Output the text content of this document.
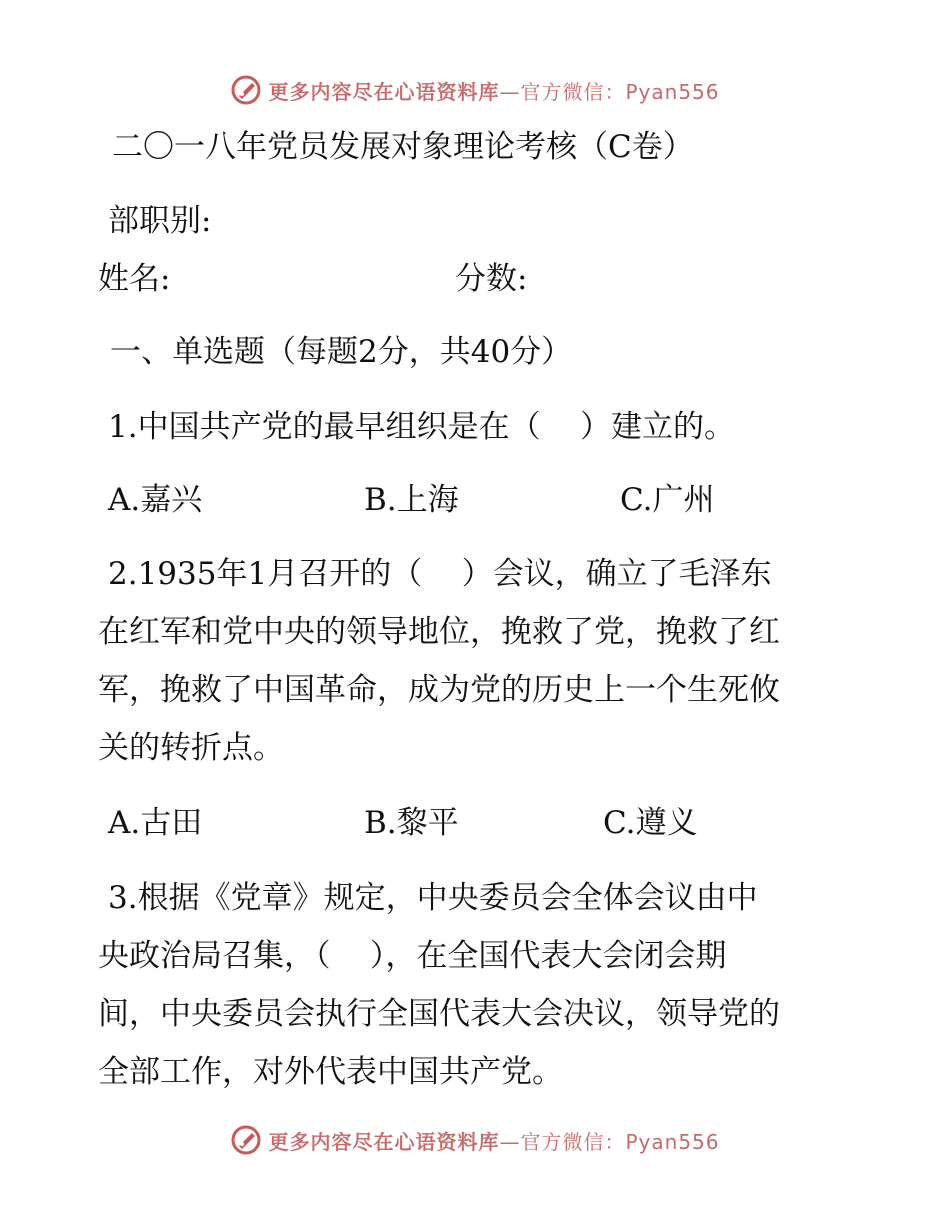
更多内容尽在心语资料库—官方微信：Pyan556
二〇一八年党员发展对象理论考核（C卷）
部职别:
姓名:	分数:
一、单选题（每题2分，共40分）
1.中国共产党的最早组织是在（    ）建立的。
A.嘉兴	B.上海	C.广州
2.1935年1月召开的（    ）会议，确立了毛泽东
在红军和党中央的领导地位，挽救了党，挽救了红
军，挽救了中国革命，成为党的历史上一个生死攸
关的转折点。
A.古田	B.黎平	C.遵义
3.根据《党章》规定，中央委员会全体会议由中
央政治局召集，（    ），在全国代表大会闭会期
间，中央委员会执行全国代表大会决议，领导党的
全部工作，对外代表中国共产党。
更多内容尽在心语资料库—官方微信：Pyan556
